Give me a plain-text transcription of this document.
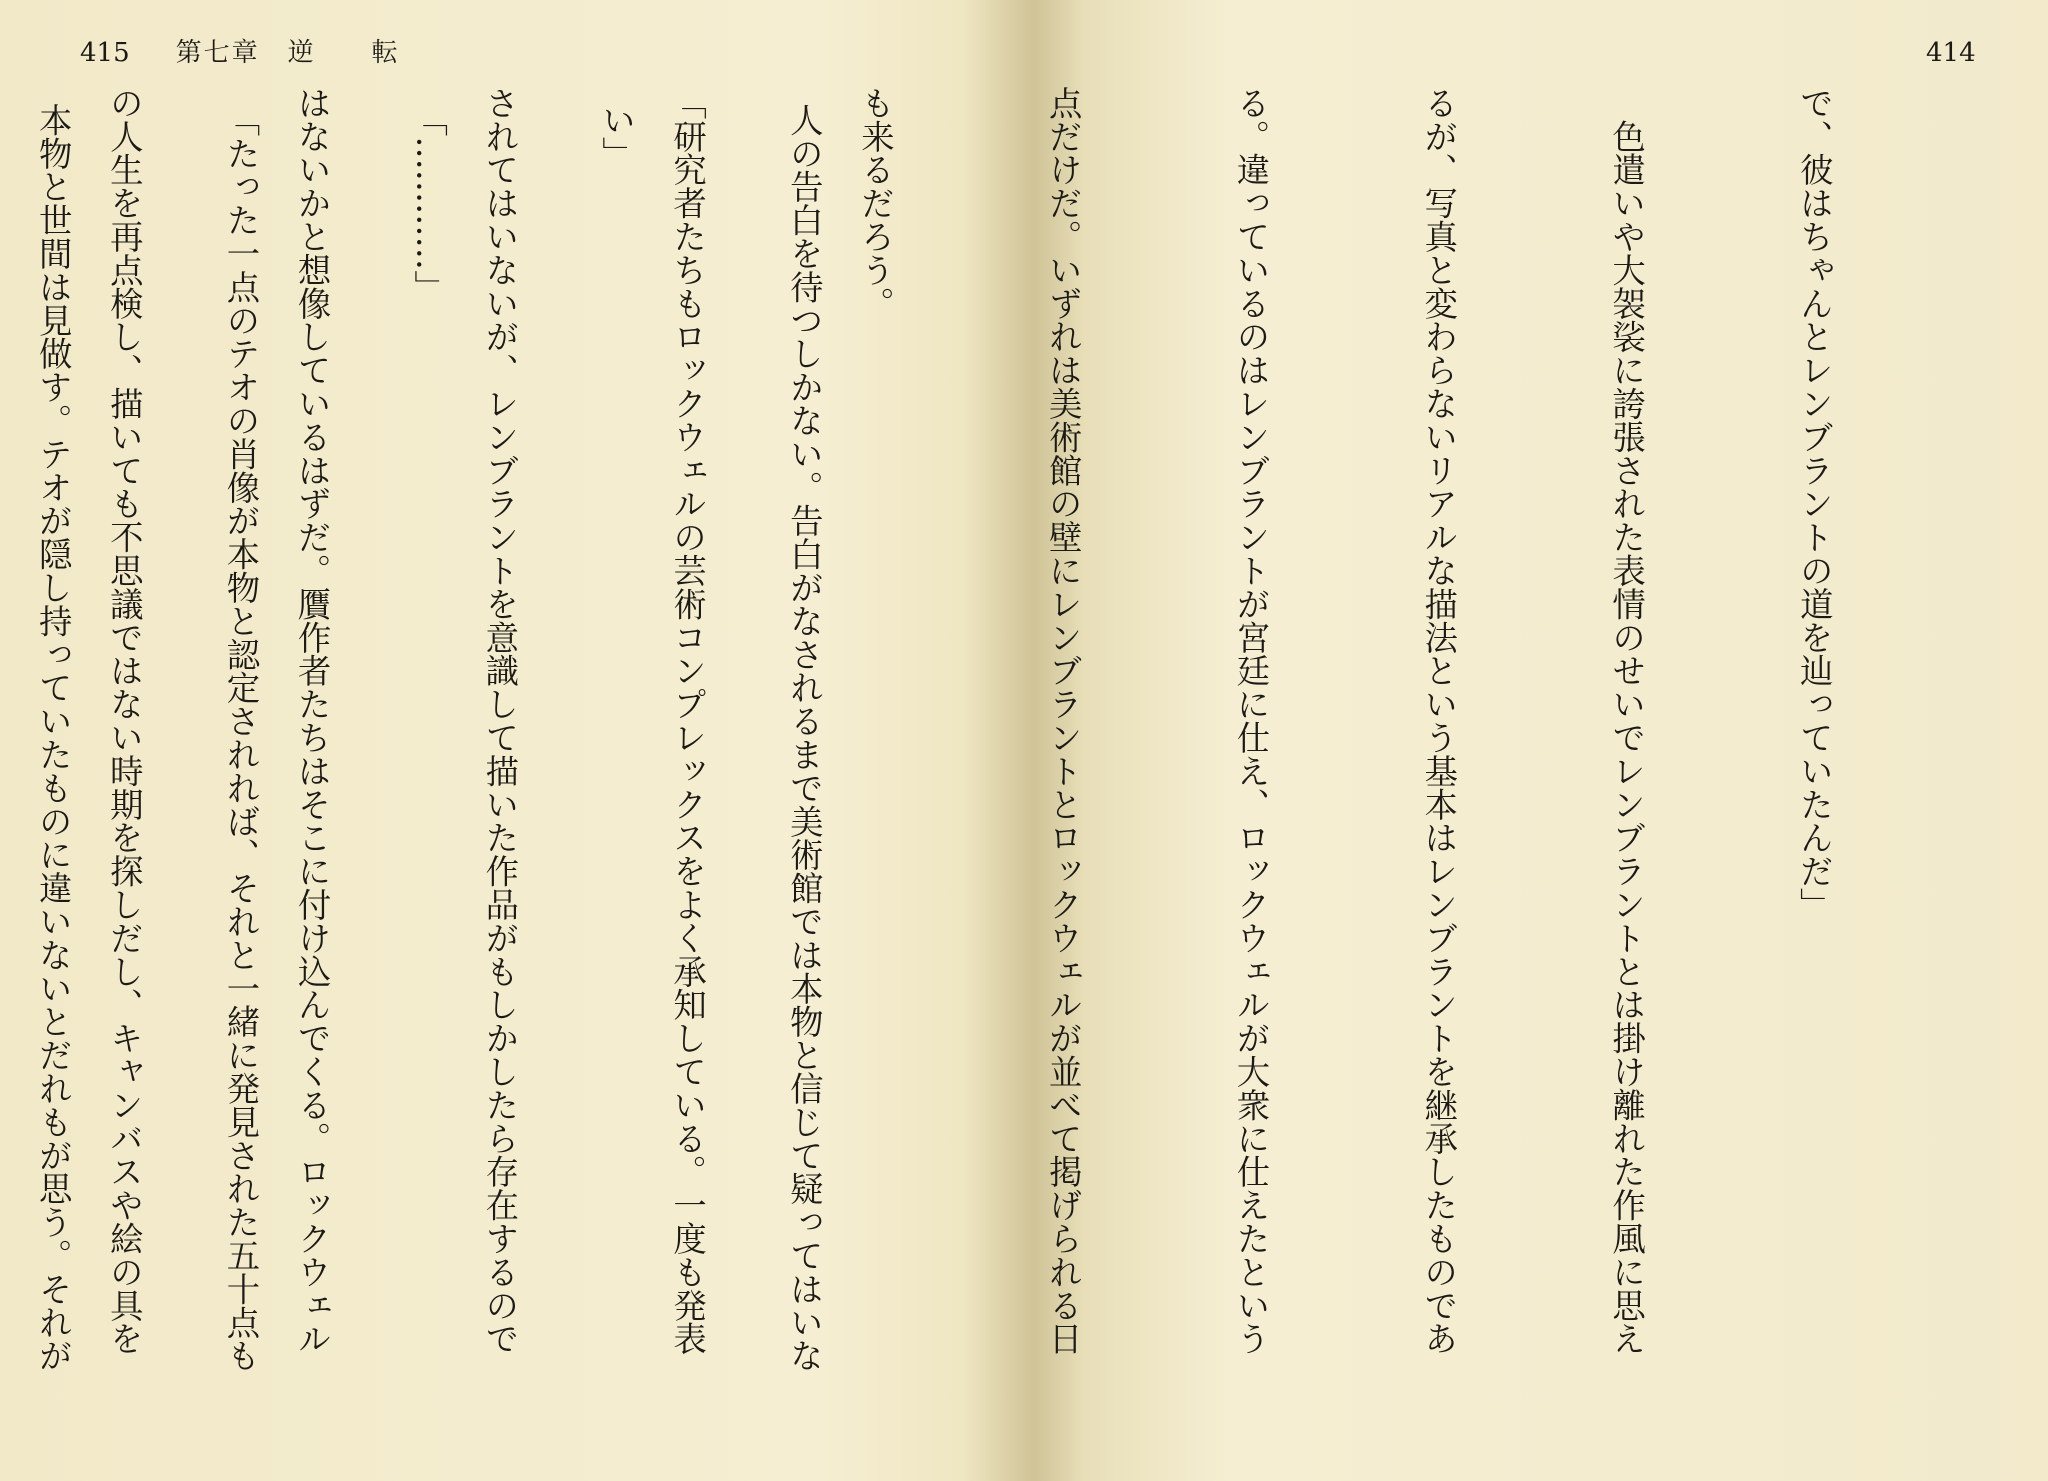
415 第七章　逆　　転

人の告白を待つしかない。告白がなされるまで美術館では本物と信じて疑ってはいな

い」

「…………」

「たった一点のテオの肖像が本物と認定されれば、それと一緒に発見された五十点も

本物と世間は見做す。テオが隠し持っていたものに違いないとだれもが思う。それが

414

で、彼はちゃんとレンブラントの道を辿っていたんだ」

　色遣いや大袈裟に誇張された表情のせいでレンブラントとは掛け離れた作風に思え

るが、写真と変わらないリアルな描法という基本はレンブラントを継承したものであ

る。違っているのはレンブラントが宮廷に仕え、ロックウェルが大衆に仕えたという

点だけだ。いずれは美術館の壁にレンブラントとロックウェルが並べて掲げられる日

も来るだろう。

「研究者たちもロックウェルの芸術コンプレックスをよく承知している。一度も発表

されてはいないが、レンブラントを意識して描いた作品がもしかしたら存在するので

はないかと想像しているはずだ。贋作者たちはそこに付け込んでくる。ロックウェル

の人生を再点検し、描いても不思議ではない時期を探しだし、キャンバスや絵の具を
